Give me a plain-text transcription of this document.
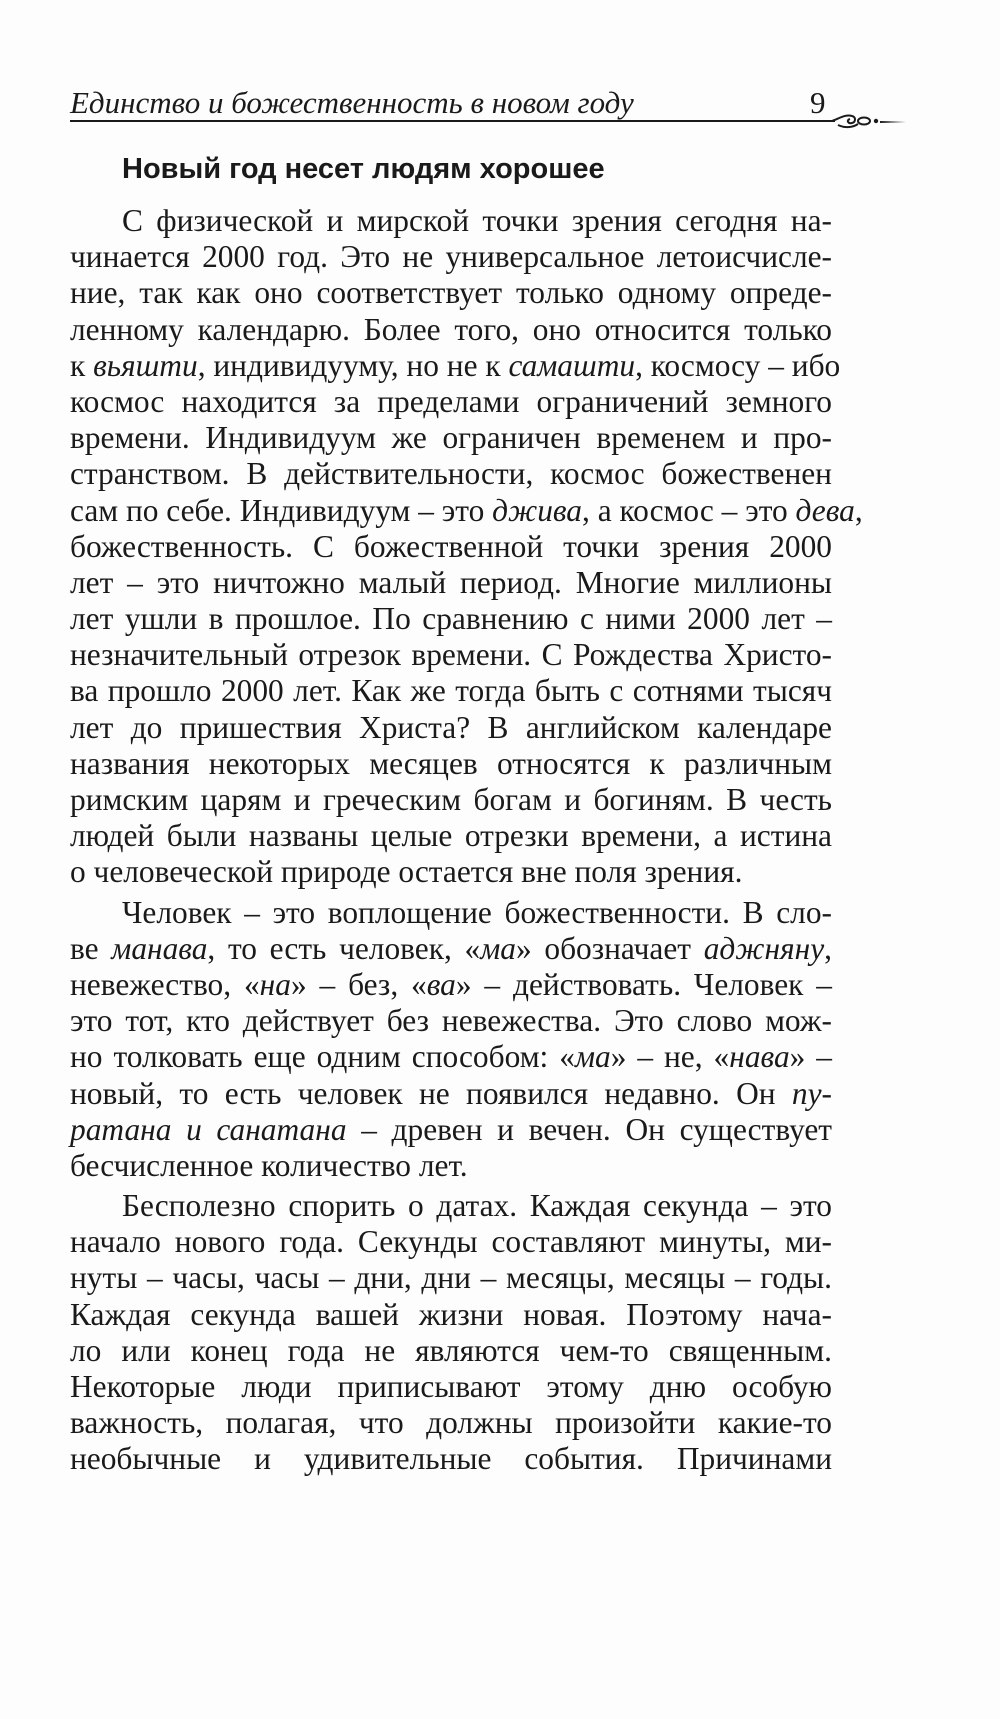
Единство и божественность в новом году	9
Новый год несет людям хорошее

С физической и мирской точки зрения сегодня на-
чинается 2000 год. Это не универсальное летоисчисле-
ние, так как оно соответствует только одному опреде-
ленному календарю. Более того, оно относится только
к вьяшти, индивидууму, но не к самашти, космосу – ибо
космос находится за пределами ограничений земного
времени. Индивидуум же ограничен временем и про-
странством. В действительности, космос божественен
сам по себе. Индивидуум – это джива, а космос – это дева,
божественность. С божественной точки зрения 2000
лет – это ничтожно малый период. Многие миллионы
лет ушли в прошлое. По сравнению с ними 2000 лет –
незначительный отрезок времени. С Рождества Христо-
ва прошло 2000 лет. Как же тогда быть с сотнями тысяч
лет до пришествия Христа? В английском календаре
названия некоторых месяцев относятся к различным
римским царям и греческим богам и богиням. В честь
людей были названы целые отрезки времени, а истина
о человеческой природе остается вне поля зрения.

Человек – это воплощение божественности. В сло-
ве манава, то есть человек, «ма» обозначает аджняну,
невежество, «на» – без, «ва» – действовать. Человек –
это тот, кто действует без невежества. Это слово мож-
но толковать еще одним способом: «ма» – не, «нава» –
новый, то есть человек не появился недавно. Он пу-
ратана и санатана – древен и вечен. Он существует
бесчисленное количество лет.

Бесполезно спорить о датах. Каждая секунда – это
начало нового года. Секунды составляют минуты, ми-
нуты – часы, часы – дни, дни – месяцы, месяцы – годы.
Каждая секунда вашей жизни новая. Поэтому нача-
ло или конец года не являются чем-то священным.
Некоторые люди приписывают этому дню особую
важность, полагая, что должны произойти какие-то
необычные и удивительные события. Причинами
